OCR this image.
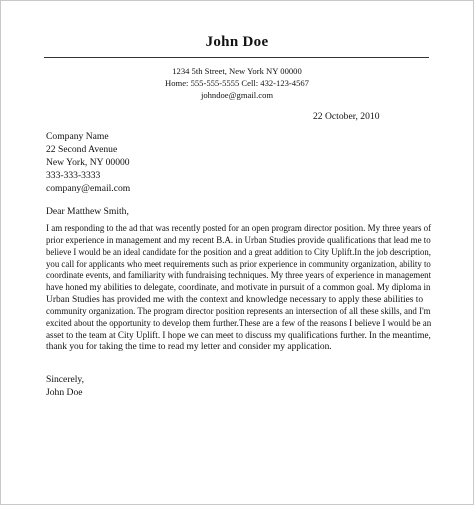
John Doe
1234 5th Street, New York NY 00000
Home: 555-555-5555 Cell: 432-123-4567
johndoe@gmail.com
22 October, 2010
Company Name
22 Second Avenue
New York, NY 00000
333-333-3333
company@email.com
Dear Matthew Smith,
I am responding to the ad that was recently posted for an open program director position. My three years of
prior experience in management and my recent B.A. in Urban Studies provide qualifications that lead me to
believe I would be an ideal candidate for the position and a great addition to City Uplift.In the job description,
you call for applicants who meet requirements such as prior experience in community organization, ability to
coordinate events, and familiarity with fundraising techniques. My three years of experience in management
have honed my abilities to delegate, coordinate, and motivate in pursuit of a common goal. My diploma in
Urban Studies has provided me with the context and knowledge necessary to apply these abilities to
community organization. The program director position represents an intersection of all these skills, and I'm
excited about the opportunity to develop them further.These are a few of the reasons I believe I would be an
asset to the team at City Uplift. I hope we can meet to discuss my qualifications further. In the meantime,
thank you for taking the time to read my letter and consider my application.
Sincerely,
John Doe
